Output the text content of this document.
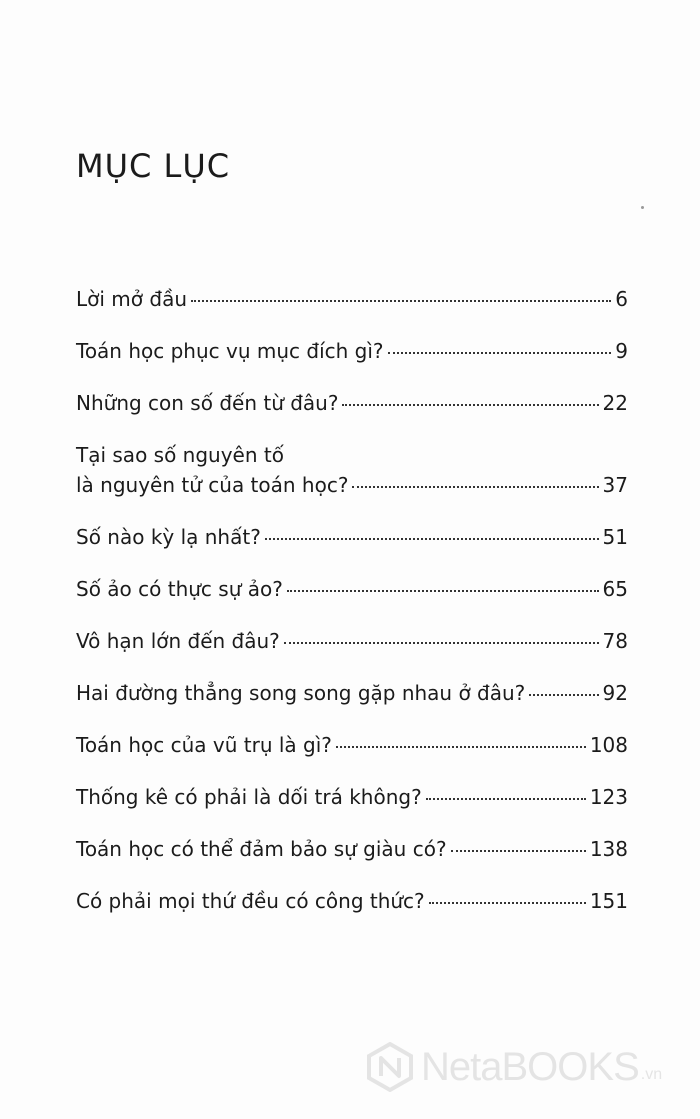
MỤC LỤC
Lời mở đầu	6
Toán học phục vụ mục đích gì?	9
Những con số đến từ đâu?	22
Tại sao số nguyên tố
là nguyên tử của toán học?	37
Số nào kỳ lạ nhất?	51
Số ảo có thực sự ảo?	65
Vô hạn lớn đến đâu?	78
Hai đường thẳng song song gặp nhau ở đâu?	92
Toán học của vũ trụ là gì?	108
Thống kê có phải là dối trá không?	123
Toán học có thể đảm bảo sự giàu có?	138
Có phải mọi thứ đều có công thức?	151
NetaBOOKS .vn
